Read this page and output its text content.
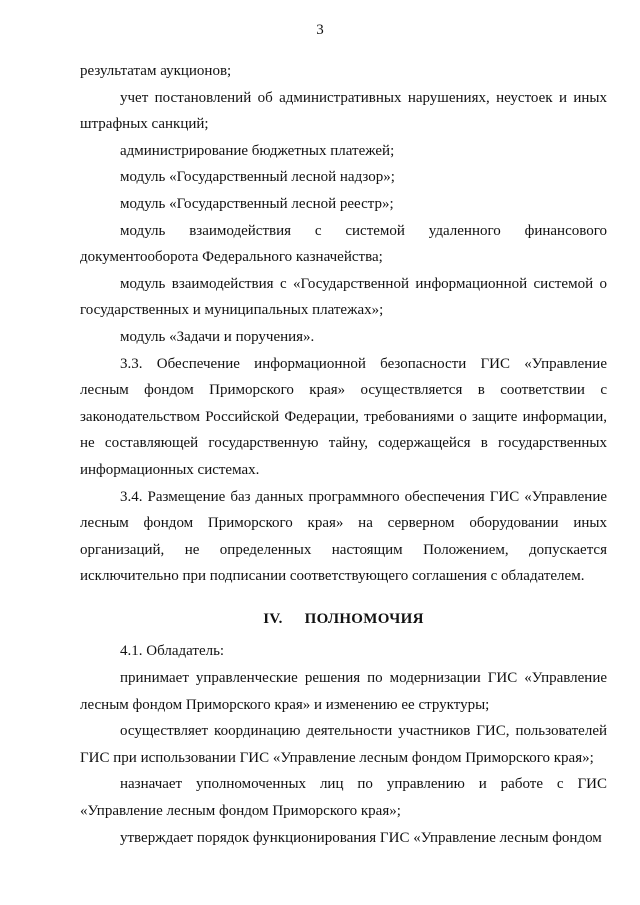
3

результатам аукционов;

учет постановлений об административных нарушениях, неустоек и иных штрафных санкций;

администрирование бюджетных платежей;

модуль «Государственный лесной надзор»;

модуль «Государственный лесной реестр»;

модуль взаимодействия с системой удаленного финансового документооборота Федерального казначейства;

модуль взаимодействия с «Государственной информационной системой о государственных и муниципальных платежах»;

модуль «Задачи и поручения».

3.3. Обеспечение информационной безопасности ГИС «Управление лесным фондом Приморского края» осуществляется в соответствии с законодательством Российской Федерации, требованиями о защите информации, не составляющей государственную тайну, содержащейся в государственных информационных системах.

3.4. Размещение баз данных программного обеспечения ГИС «Управление лесным фондом Приморского края» на серверном оборудовании иных организаций, не определенных настоящим Положением, допускается исключительно при подписании соответствующего соглашения с обладателем.

IV. ПОЛНОМОЧИЯ

4.1. Обладатель:

принимает управленческие решения по модернизации ГИС «Управление лесным фондом Приморского края» и изменению ее структуры;

осуществляет координацию деятельности участников ГИС, пользователей ГИС при использовании ГИС «Управление лесным фондом Приморского края»;

назначает уполномоченных лиц по управлению и работе с ГИС «Управление лесным фондом Приморского края»;

утверждает порядок функционирования ГИС «Управление лесным фондом
